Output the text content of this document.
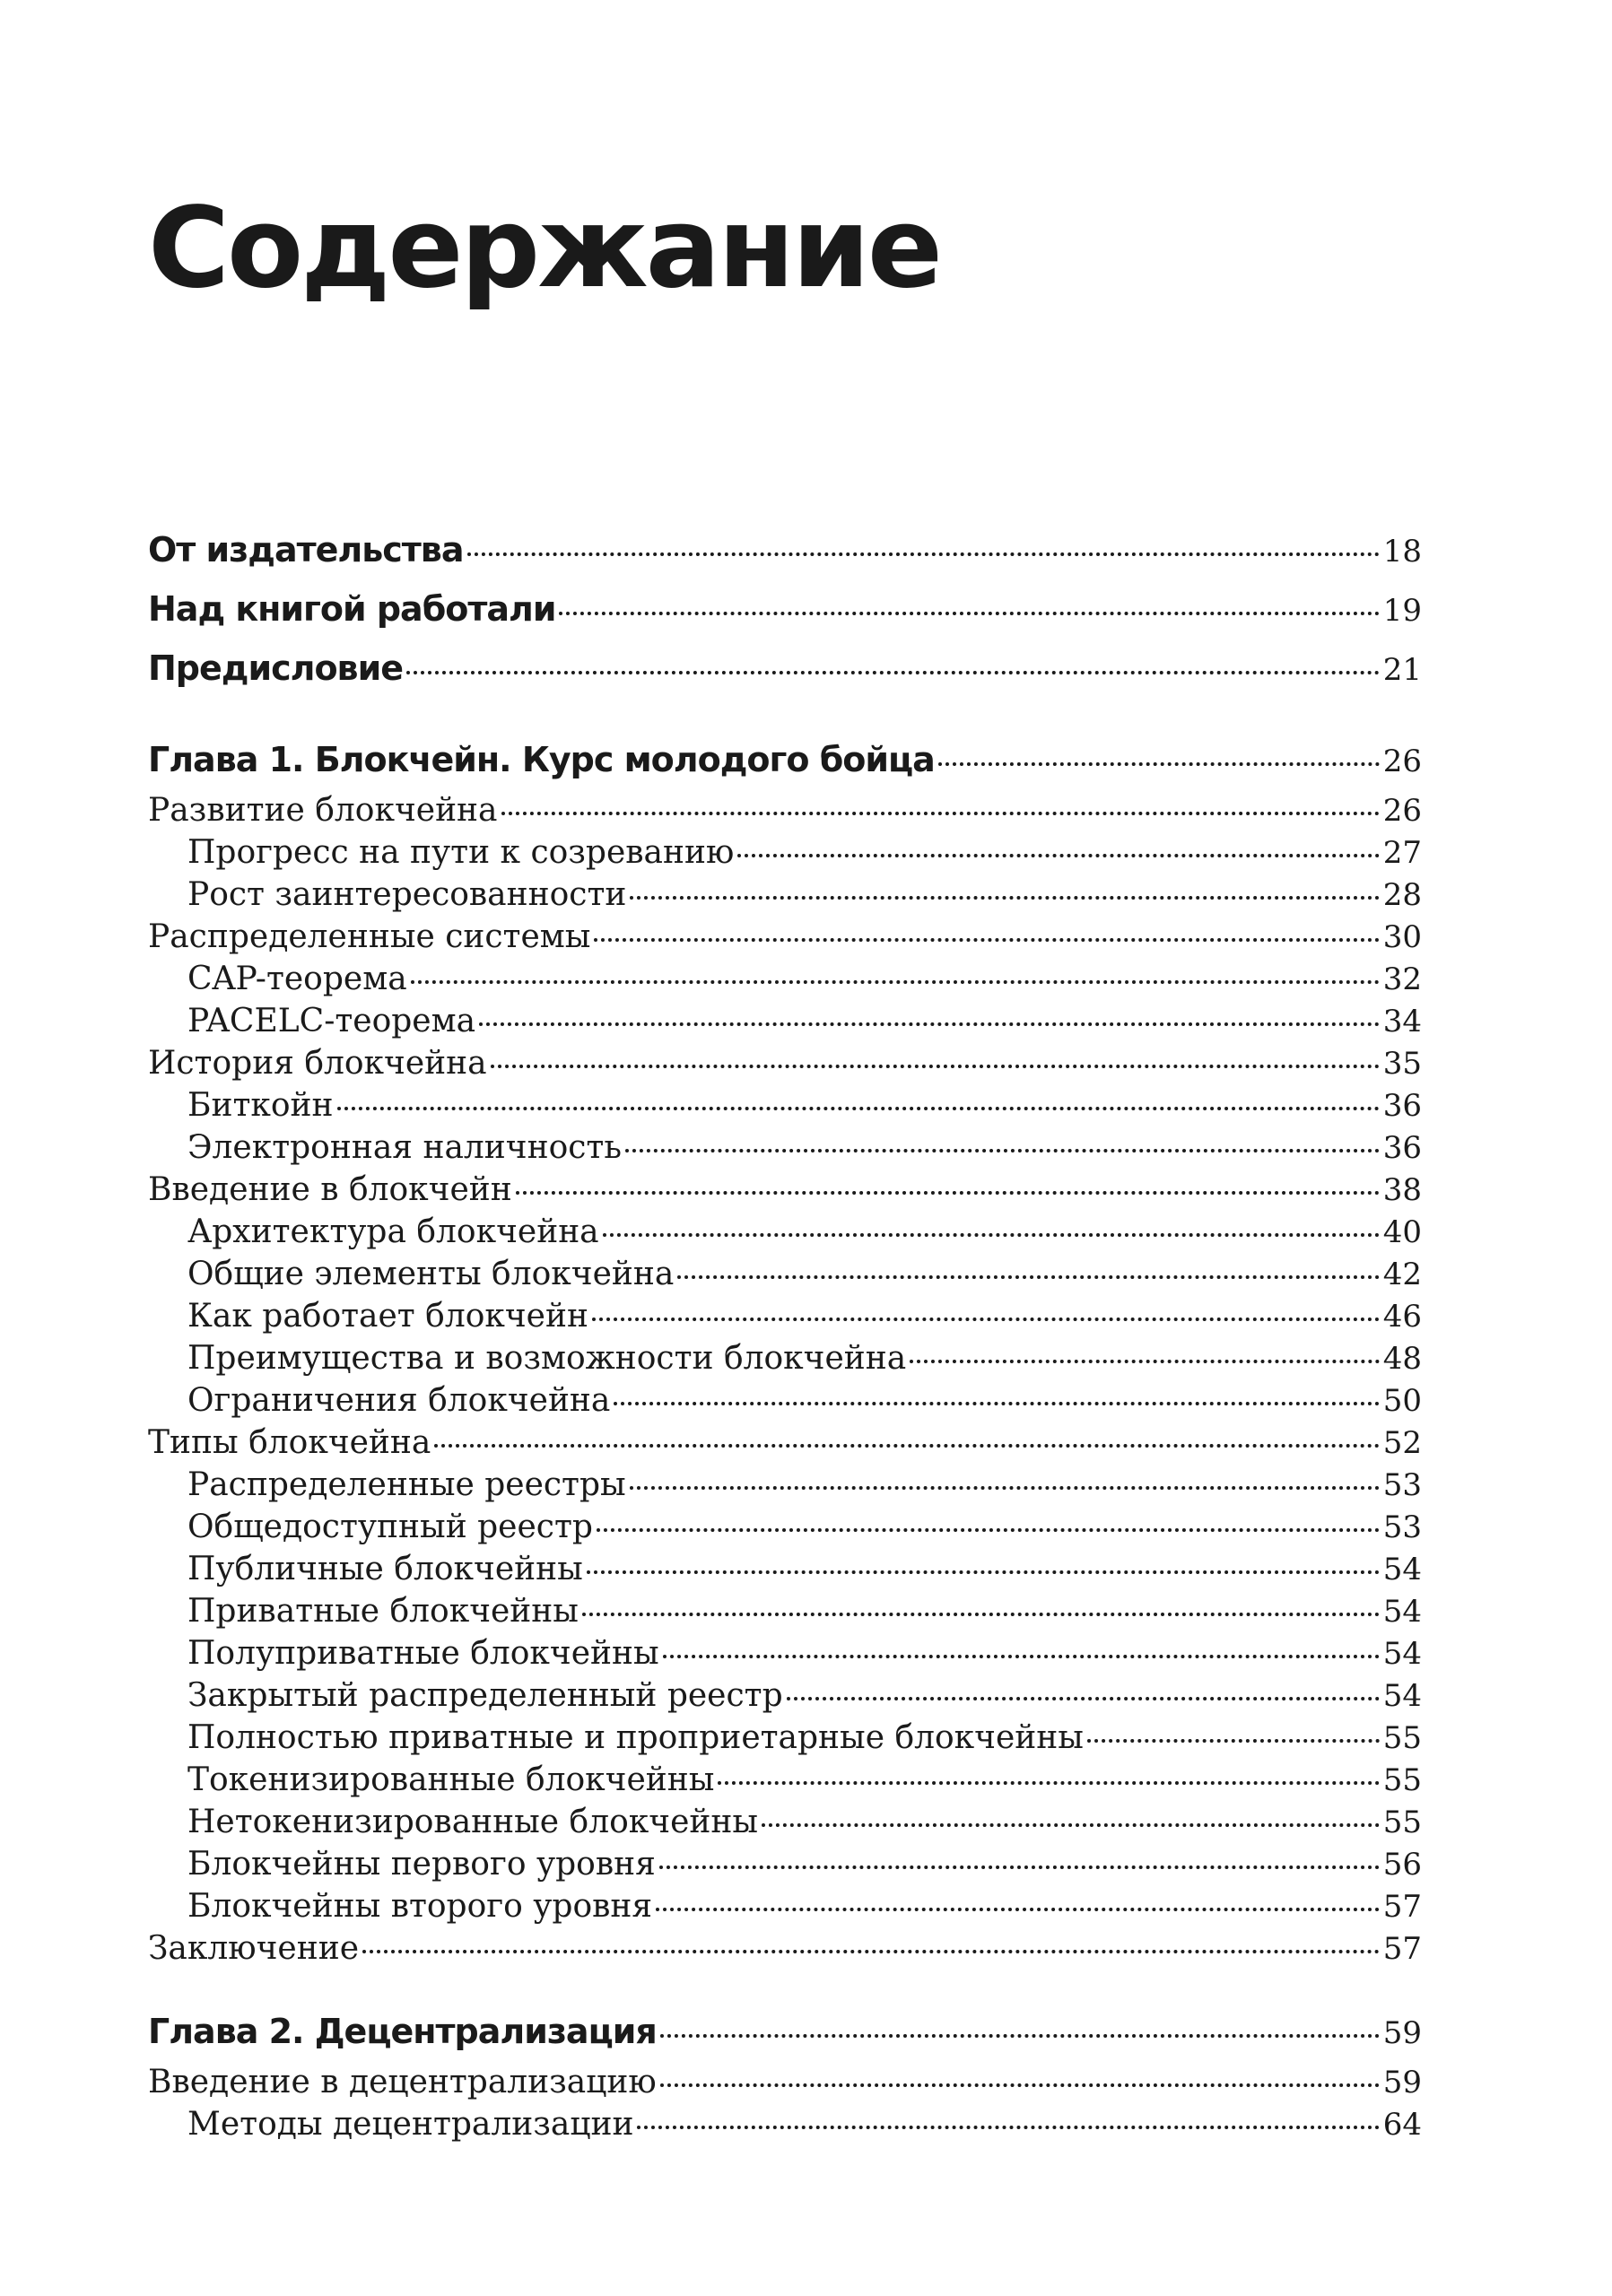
Содержание
От издательства	18
Над книгой работали	19
Предисловие	21
Глава 1. Блокчейн. Курс молодого бойца	26
Развитие блокчейна	26
Прогресс на пути к созреванию	27
Рост заинтересованности	28
Распределенные системы	30
CAP-теорема	32
PACELC-теорема	34
История блокчейна	35
Биткойн	36
Электронная наличность	36
Введение в блокчейн	38
Архитектура блокчейна	40
Общие элементы блокчейна	42
Как работает блокчейн	46
Преимущества и возможности блокчейна	48
Ограничения блокчейна	50
Типы блокчейна	52
Распределенные реестры	53
Общедоступный реестр	53
Публичные блокчейны	54
Приватные блокчейны	54
Полуприватные блокчейны	54
Закрытый распределенный реестр	54
Полностью приватные и проприетарные блокчейны	55
Токенизированные блокчейны	55
Нетокенизированные блокчейны	55
Блокчейны первого уровня	56
Блокчейны второго уровня	57
Заключение	57
Глава 2. Децентрализация	59
Введение в децентрализацию	59
Методы децентрализации	64
